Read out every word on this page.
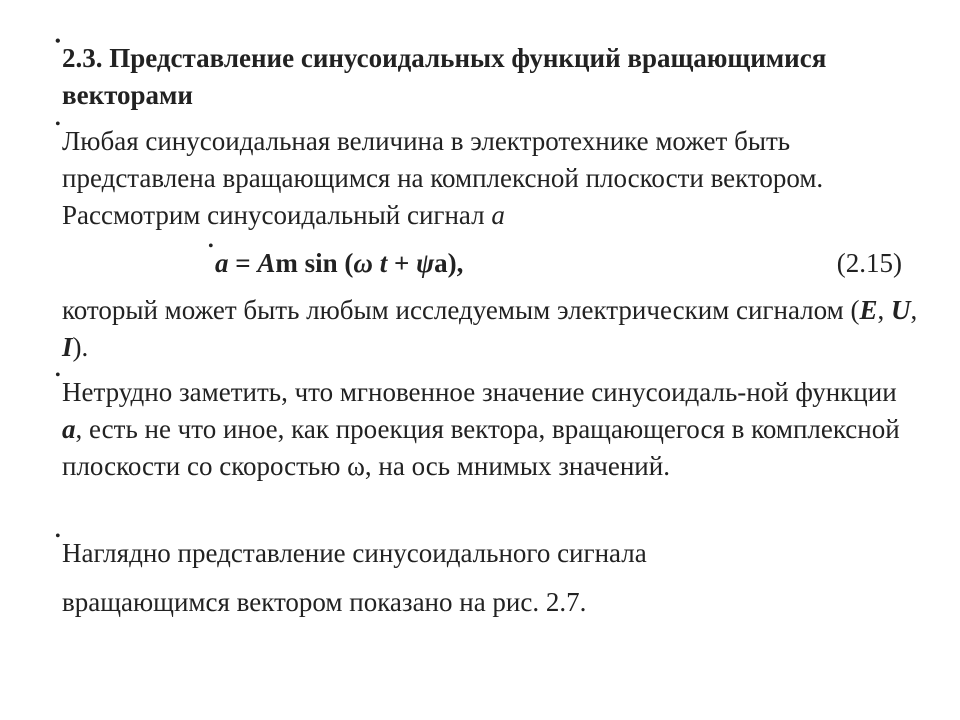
•
2.3. Представление синусоидальных функций вращающимися векторами
•
Любая синусоидальная величина в электротехнике может быть представлена вращающимся на комплексной плоскости вектором. Рассмотрим синусоидальный сигнал a
•
a = Am sin (ω t + ψa),	(2.15)
который может быть любым исследуемым электрическим сигналом (E, U, I).
•
Нетрудно заметить, что мгновенное значение синусоидаль-ной функции a, есть не что иное, как проекция вектора, вращающегося в комплексной плоскости со скоростью ω, на ось мнимых значений.
•
Наглядно представление синусоидального сигнала
вращающимся вектором показано на рис. 2.7.
